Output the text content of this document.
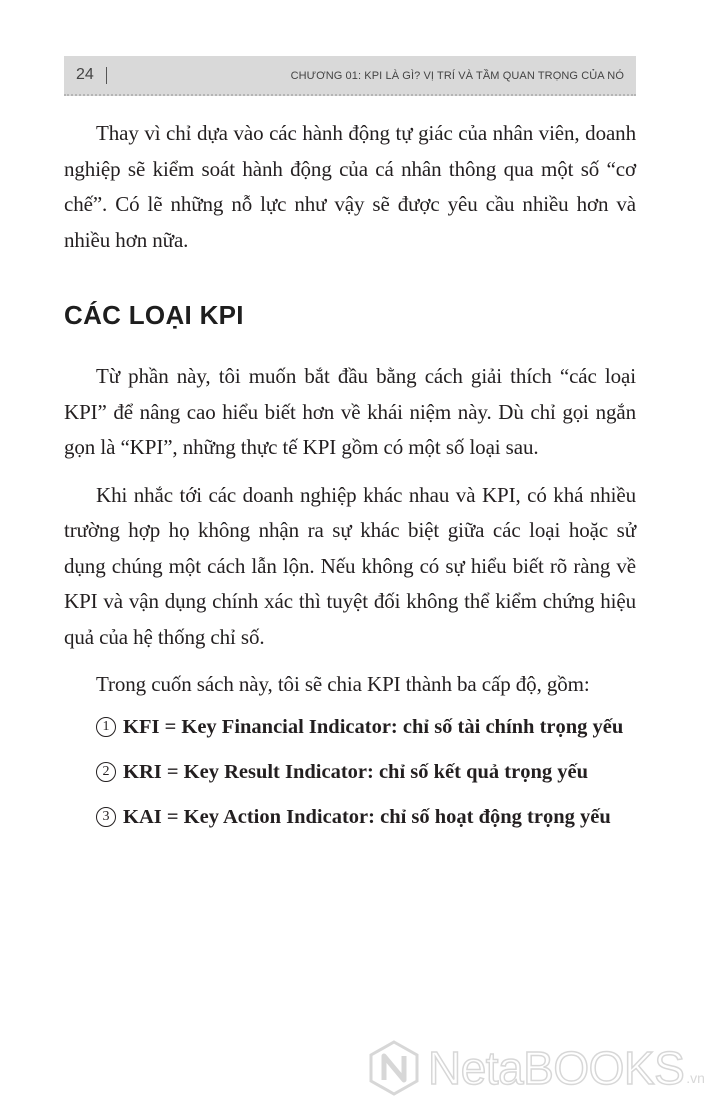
24	CHƯƠNG 01: KPI LÀ GÌ? VỊ TRÍ VÀ TẦM QUAN TRỌNG CỦA NÓ

Thay vì chỉ dựa vào các hành động tự giác của nhân viên, doanh nghiệp sẽ kiểm soát hành động của cá nhân thông qua một số “cơ chế”. Có lẽ những nỗ lực như vậy sẽ được yêu cầu nhiều hơn và nhiều hơn nữa.

CÁC LOẠI KPI

Từ phần này, tôi muốn bắt đầu bằng cách giải thích “các loại KPI” để nâng cao hiểu biết hơn về khái niệm này. Dù chỉ gọi ngắn gọn là “KPI”, những thực tế KPI gồm có một số loại sau.

Khi nhắc tới các doanh nghiệp khác nhau và KPI, có khá nhiều trường hợp họ không nhận ra sự khác biệt giữa các loại hoặc sử dụng chúng một cách lẫn lộn. Nếu không có sự hiểu biết rõ ràng về KPI và vận dụng chính xác thì tuyệt đối không thể kiểm chứng hiệu quả của hệ thống chỉ số.

Trong cuốn sách này, tôi sẽ chia KPI thành ba cấp độ, gồm:

1 KFI = Key Financial Indicator: chỉ số tài chính trọng yếu
2 KRI = Key Result Indicator: chỉ số kết quả trọng yếu
3 KAI = Key Action Indicator: chỉ số hoạt động trọng yếu
NetaBOOKS .vn
